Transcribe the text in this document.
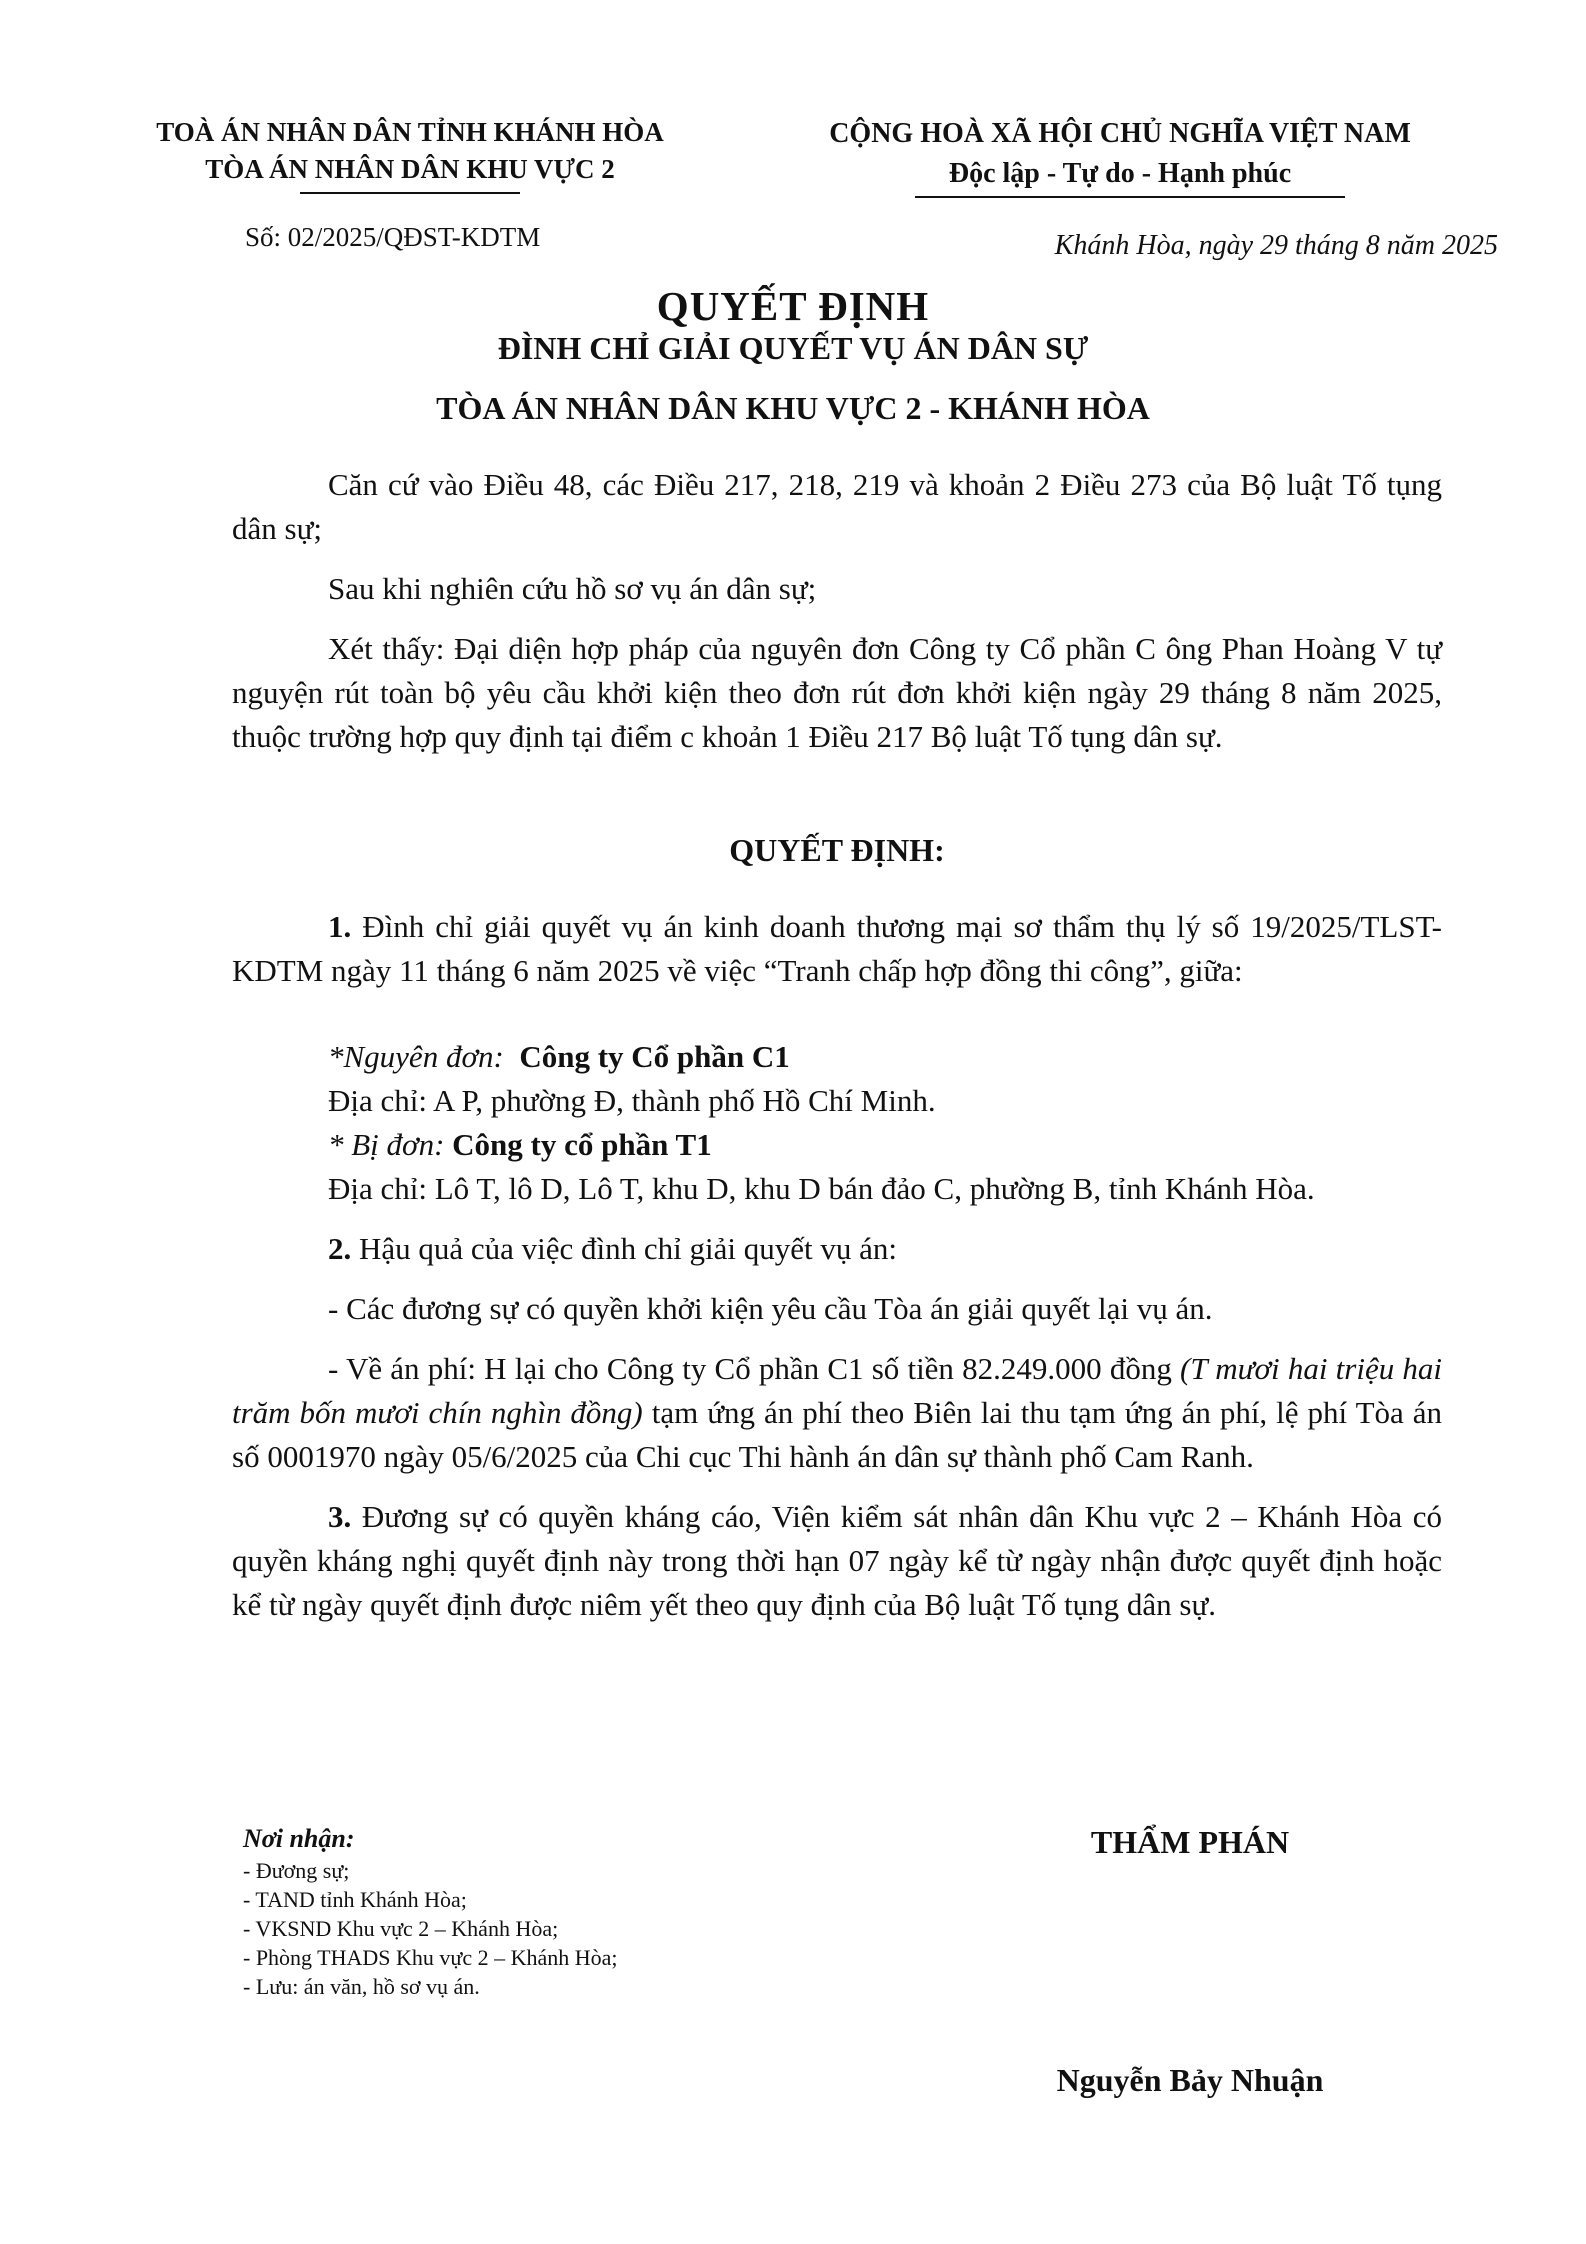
TOÀ ÁN NHÂN DÂN TỈNH KHÁNH HÒA
TÒA ÁN NHÂN DÂN KHU VỰC 2
CỘNG HOÀ XÃ HỘI CHỦ NGHĨA VIỆT NAM
Độc lập - Tự do - Hạnh phúc
Số: 02/2025/QĐST-KDTM	Khánh Hòa, ngày 29 tháng 8 năm 2025
QUYẾT ĐỊNH
ĐÌNH CHỈ GIẢI QUYẾT VỤ ÁN DÂN SỰ
TÒA ÁN NHÂN DÂN KHU VỰC 2 - KHÁNH HÒA

Căn cứ vào Điều 48, các Điều 217, 218, 219 và khoản 2 Điều 273 của Bộ luật Tố tụng dân sự;

Sau khi nghiên cứu hồ sơ vụ án dân sự;

Xét thấy: Đại diện hợp pháp của nguyên đơn Công ty Cổ phần C ông Phan Hoàng V tự nguyện rút toàn bộ yêu cầu khởi kiện theo đơn rút đơn khởi kiện ngày 29 tháng 8 năm 2025, thuộc trường hợp quy định tại điểm c khoản 1 Điều 217 Bộ luật Tố tụng dân sự.

QUYẾT ĐỊNH:

1. Đình chỉ giải quyết vụ án kinh doanh thương mại sơ thẩm thụ lý số 19/2025/TLST-KDTM ngày 11 tháng 6 năm 2025 về việc “Tranh chấp hợp đồng thi công”, giữa:

*Nguyên đơn: Công ty Cổ phần C1
Địa chỉ: A P, phường Đ, thành phố Hồ Chí Minh.
* Bị đơn: Công ty cổ phần T1

Địa chỉ: Lô T, lô D, Lô T, khu D, khu D bán đảo C, phường B, tỉnh Khánh Hòa.

2. Hậu quả của việc đình chỉ giải quyết vụ án:

- Các đương sự có quyền khởi kiện yêu cầu Tòa án giải quyết lại vụ án.

- Về án phí: H lại cho Công ty Cổ phần C1 số tiền 82.249.000 đồng (T mươi hai triệu hai trăm bốn mươi chín nghìn đồng) tạm ứng án phí theo Biên lai thu tạm ứng án phí, lệ phí Tòa án số 0001970 ngày 05/6/2025 của Chi cục Thi hành án dân sự thành phố Cam Ranh.

3. Đương sự có quyền kháng cáo, Viện kiểm sát nhân dân Khu vực 2 – Khánh Hòa có quyền kháng nghị quyết định này trong thời hạn 07 ngày kể từ ngày nhận được quyết định hoặc kể từ ngày quyết định được niêm yết theo quy định của Bộ luật Tố tụng dân sự.

Nơi nhận:
- Đương sự;
- TAND tỉnh Khánh Hòa;
- VKSND Khu vực 2 – Khánh Hòa;
- Phòng THADS Khu vực 2 – Khánh Hòa;
- Lưu: án văn, hồ sơ vụ án.
THẨM PHÁN
Nguyễn Bảy Nhuận
